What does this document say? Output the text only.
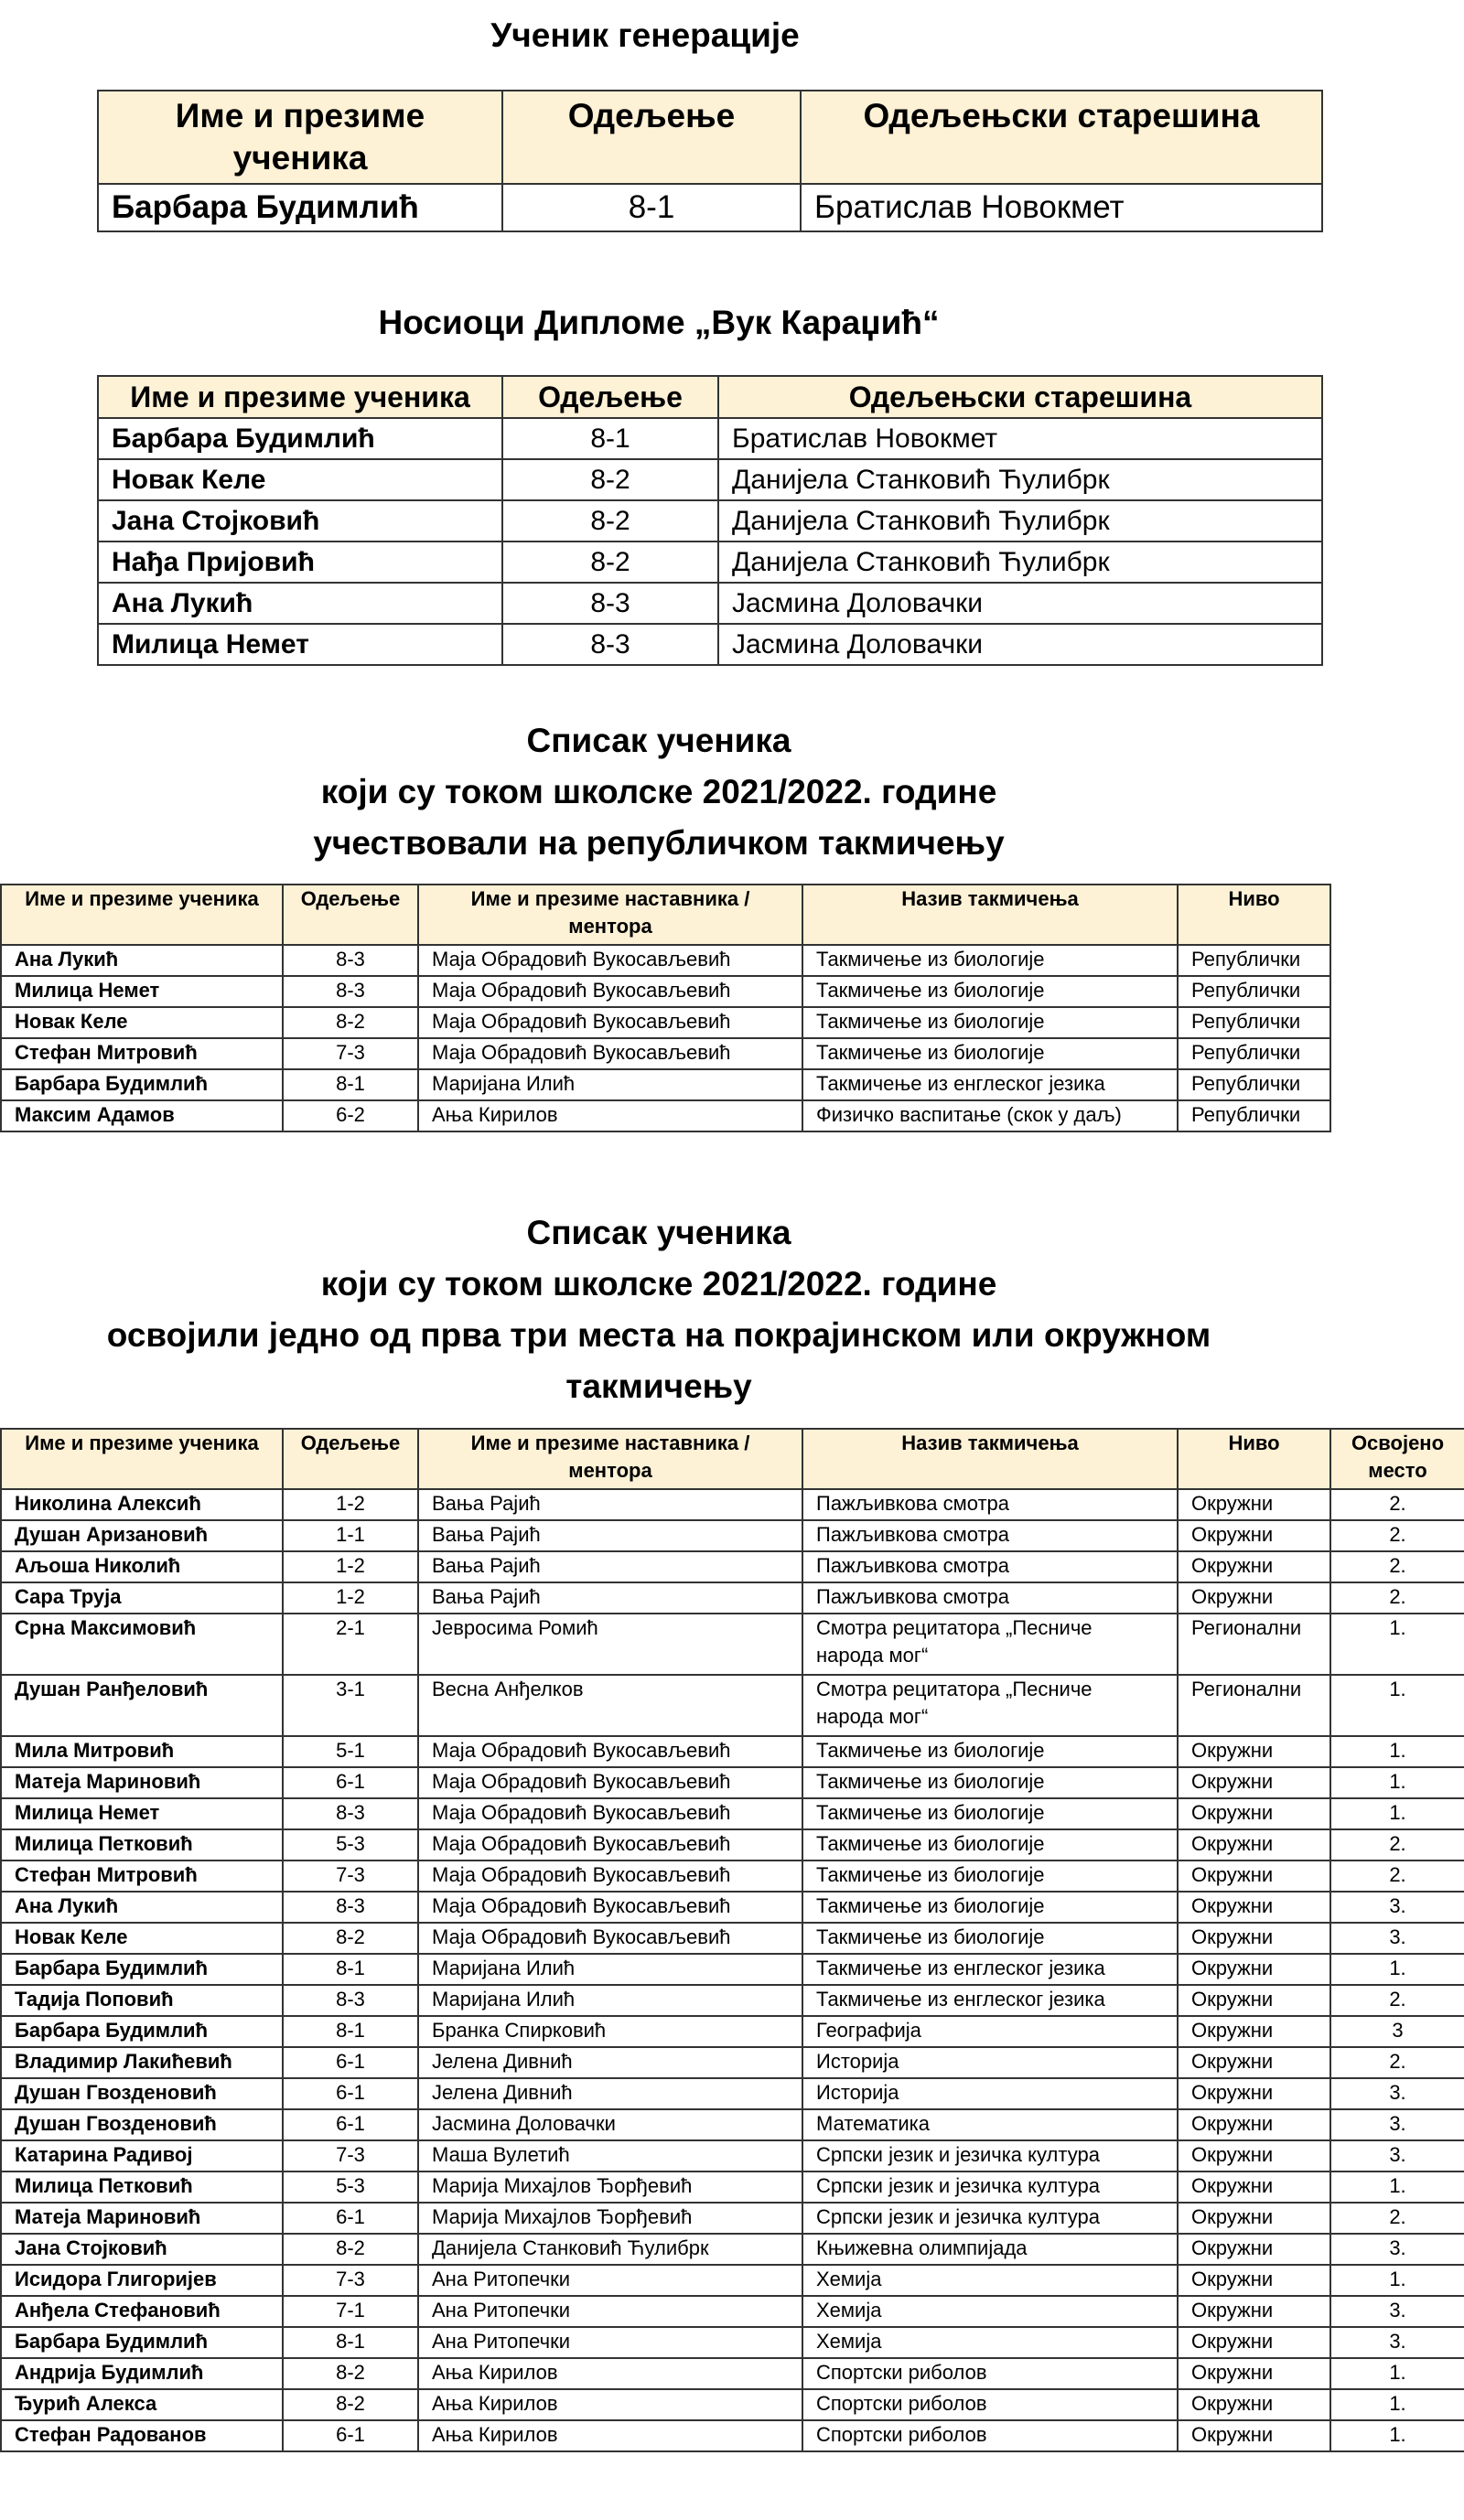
Ученик генерације
Име и презиме ученика	Одељење	Одељењски старешина
Барбара Будимлић	8-1	Братислав Новокмет
Носиоци Дипломе „Вук Караџић“
Име и презиме ученика	Одељење	Одељењски старешина
Барбара Будимлић	8-1	Братислав Новокмет
Новак Келе	8-2	Данијела Станковић Ћулибрк
Јана Стојковић	8-2	Данијела Станковић Ћулибрк
Нађа Пријовић	8-2	Данијела Станковић Ћулибрк
Ана Лукић	8-3	Јасмина Доловачки
Милица Немет	8-3	Јасмина Доловачки
Списак ученика
који су током школске 2021/2022. године
учествовали на републичком такмичењу
Име и презиме ученика	Одељење	Име и презиме наставника / ментора	Назив такмичења	Ниво
Ана Лукић	8-3	Маја Обрадовић Вукосављевић	Такмичење из биологије	Републички
Милица Немет	8-3	Маја Обрадовић Вукосављевић	Такмичење из биологије	Републички
Новак Келе	8-2	Маја Обрадовић Вукосављевић	Такмичење из биологије	Републички
Стефан Митровић	7-3	Маја Обрадовић Вукосављевић	Такмичење из биологије	Републички
Барбара Будимлић	8-1	Маријана Илић	Такмичење из енглеског језика	Републички
Максим Адамов	6-2	Ања Кирилов	Физичко васпитање (скок у даљ)	Републички
Списак ученика
који су током школске 2021/2022. године
освојили једно од прва три места на покрајинском или окружном
такмичењу
Име и презиме ученика	Одељење	Име и презиме наставника / ментора	Назив такмичења	Ниво	Освојено место
Николина Алексић	1-2	Вања Рајић	Пажљивкова смотра	Окружни	2.
Душан Аризановић	1-1	Вања Рајић	Пажљивкова смотра	Окружни	2.
Аљоша Николић	1-2	Вања Рајић	Пажљивкова смотра	Окружни	2.
Сара Трујa	1-2	Вања Рајић	Пажљивкова смотра	Окружни	2.
Срна Максимовић	2-1	Јевросима Ромић	Смотра рецитатора „Песниче народа мог“	Регионални	1.
Душан Ранђеловић	3-1	Весна Анђелков	Смотра рецитатора „Песниче народа мог“	Регионални	1.
Мила Митровић	5-1	Маја Обрадовић Вукосављевић	Такмичење из биологије	Окружни	1.
Матеја Мариновић	6-1	Маја Обрадовић Вукосављевић	Такмичење из биологије	Окружни	1.
Милица Немет	8-3	Маја Обрадовић Вукосављевић	Такмичење из биологије	Окружни	1.
Милица Петковић	5-3	Маја Обрадовић Вукосављевић	Такмичење из биологије	Окружни	2.
Стефан Митровић	7-3	Маја Обрадовић Вукосављевић	Такмичење из биологије	Окружни	2.
Ана Лукић	8-3	Маја Обрадовић Вукосављевић	Такмичење из биологије	Окружни	3.
Новак Келе	8-2	Маја Обрадовић Вукосављевић	Такмичење из биологије	Окружни	3.
Барбара Будимлић	8-1	Маријана Илић	Такмичење из енглеског језика	Окружни	1.
Тадија Поповић	8-3	Маријана Илић	Такмичење из енглеског језика	Окружни	2.
Барбара Будимлић	8-1	Бранка Спирковић	Географија	Окружни	3
Владимир Лакићевић	6-1	Јелена Дивнић	Историја	Окружни	2.
Душан Гвозденовић	6-1	Јелена Дивнић	Историја	Окружни	3.
Душан Гвозденовић	6-1	Јасмина Доловачки	Математика	Окружни	3.
Катарина Радивој	7-3	Маша Вулетић	Српски језик и језичка култура	Окружни	3.
Милица Петковић	5-3	Марија Михајлов Ђорђевић	Српски језик и језичка култура	Окружни	1.
Матеја Мариновић	6-1	Марија Михајлов Ђорђевић	Српски језик и језичка култура	Окружни	2.
Јана Стојковић	8-2	Данијела Станковић Ћулибрк	Књижевна олимпијада	Окружни	3.
Исидора Глигоријев	7-3	Ана Ритопечки	Хемија	Окружни	1.
Анђела Стефановић	7-1	Ана Ритопечки	Хемија	Окружни	3.
Барбара Будимлић	8-1	Ана Ритопечки	Хемија	Окружни	3.
Андрија Будимлић	8-2	Ања Кирилов	Спортски риболов	Окружни	1.
Ђурић Алекса	8-2	Ања Кирилов	Спортски риболов	Окружни	1.
Стефан Радованов	6-1	Ања Кирилов	Спортски риболов	Окружни	1.
